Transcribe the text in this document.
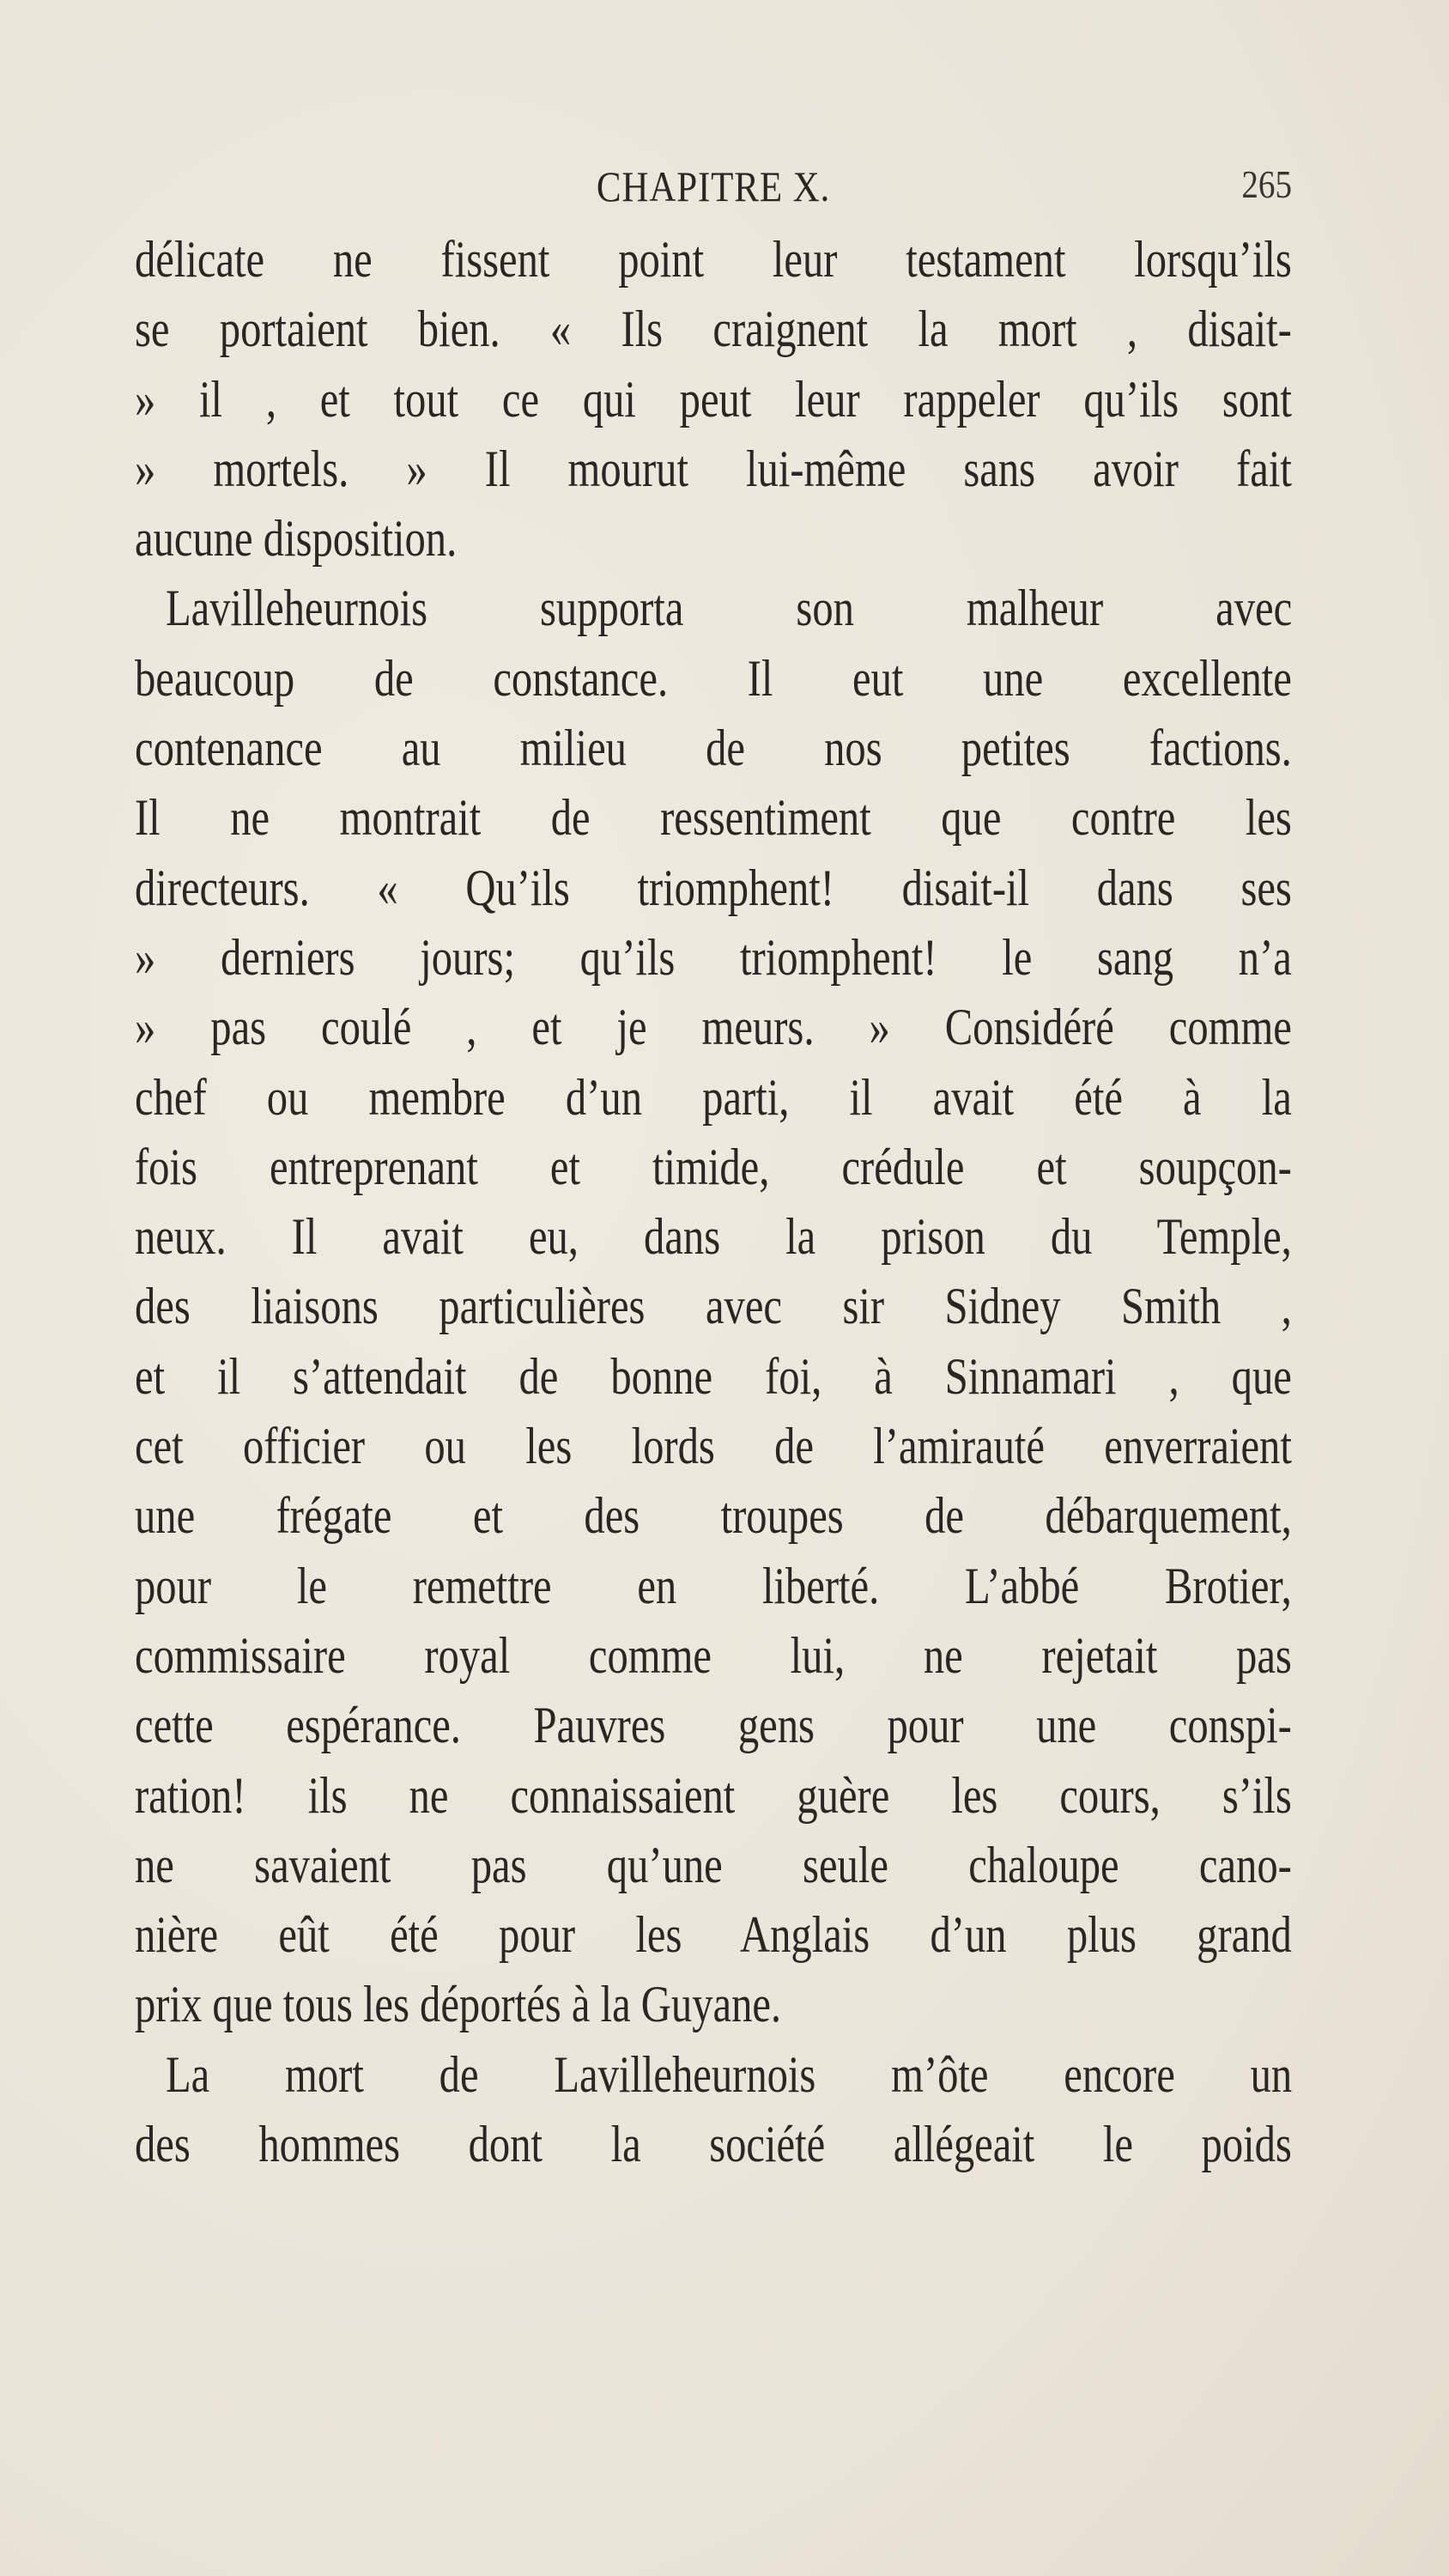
CHAPITRE X.	265
délicate ne fissent point leur testament lorsqu’ils
se portaient bien. « Ils craignent la mort , disait-
» il , et tout ce qui peut leur rappeler qu’ils sont
» mortels. » Il mourut lui-même sans avoir fait
aucune disposition.
Lavilleheurnois supporta son malheur avec
beaucoup de constance. Il eut une excellente
contenance au milieu de nos petites factions.
Il ne montrait de ressentiment que contre les
directeurs. « Qu’ils triomphent! disait-il dans ses
» derniers jours; qu’ils triomphent! le sang n’a
» pas coulé , et je meurs. » Considéré comme
chef ou membre d’un parti, il avait été à la
fois entreprenant et timide, crédule et soupçon-
neux. Il avait eu, dans la prison du Temple,
des liaisons particulières avec sir Sidney Smith ,
et il s’attendait de bonne foi, à Sinnamari , que
cet officier ou les lords de l’amirauté enverraient
une frégate et des troupes de débarquement,
pour le remettre en liberté. L’abbé Brotier,
commissaire royal comme lui, ne rejetait pas
cette espérance. Pauvres gens pour une conspi-
ration! ils ne connaissaient guère les cours, s’ils
ne savaient pas qu’une seule chaloupe cano-
nière eût été pour les Anglais d’un plus grand
prix que tous les déportés à la Guyane.
La mort de Lavilleheurnois m’ôte encore un
des hommes dont la société allégeait le poids
